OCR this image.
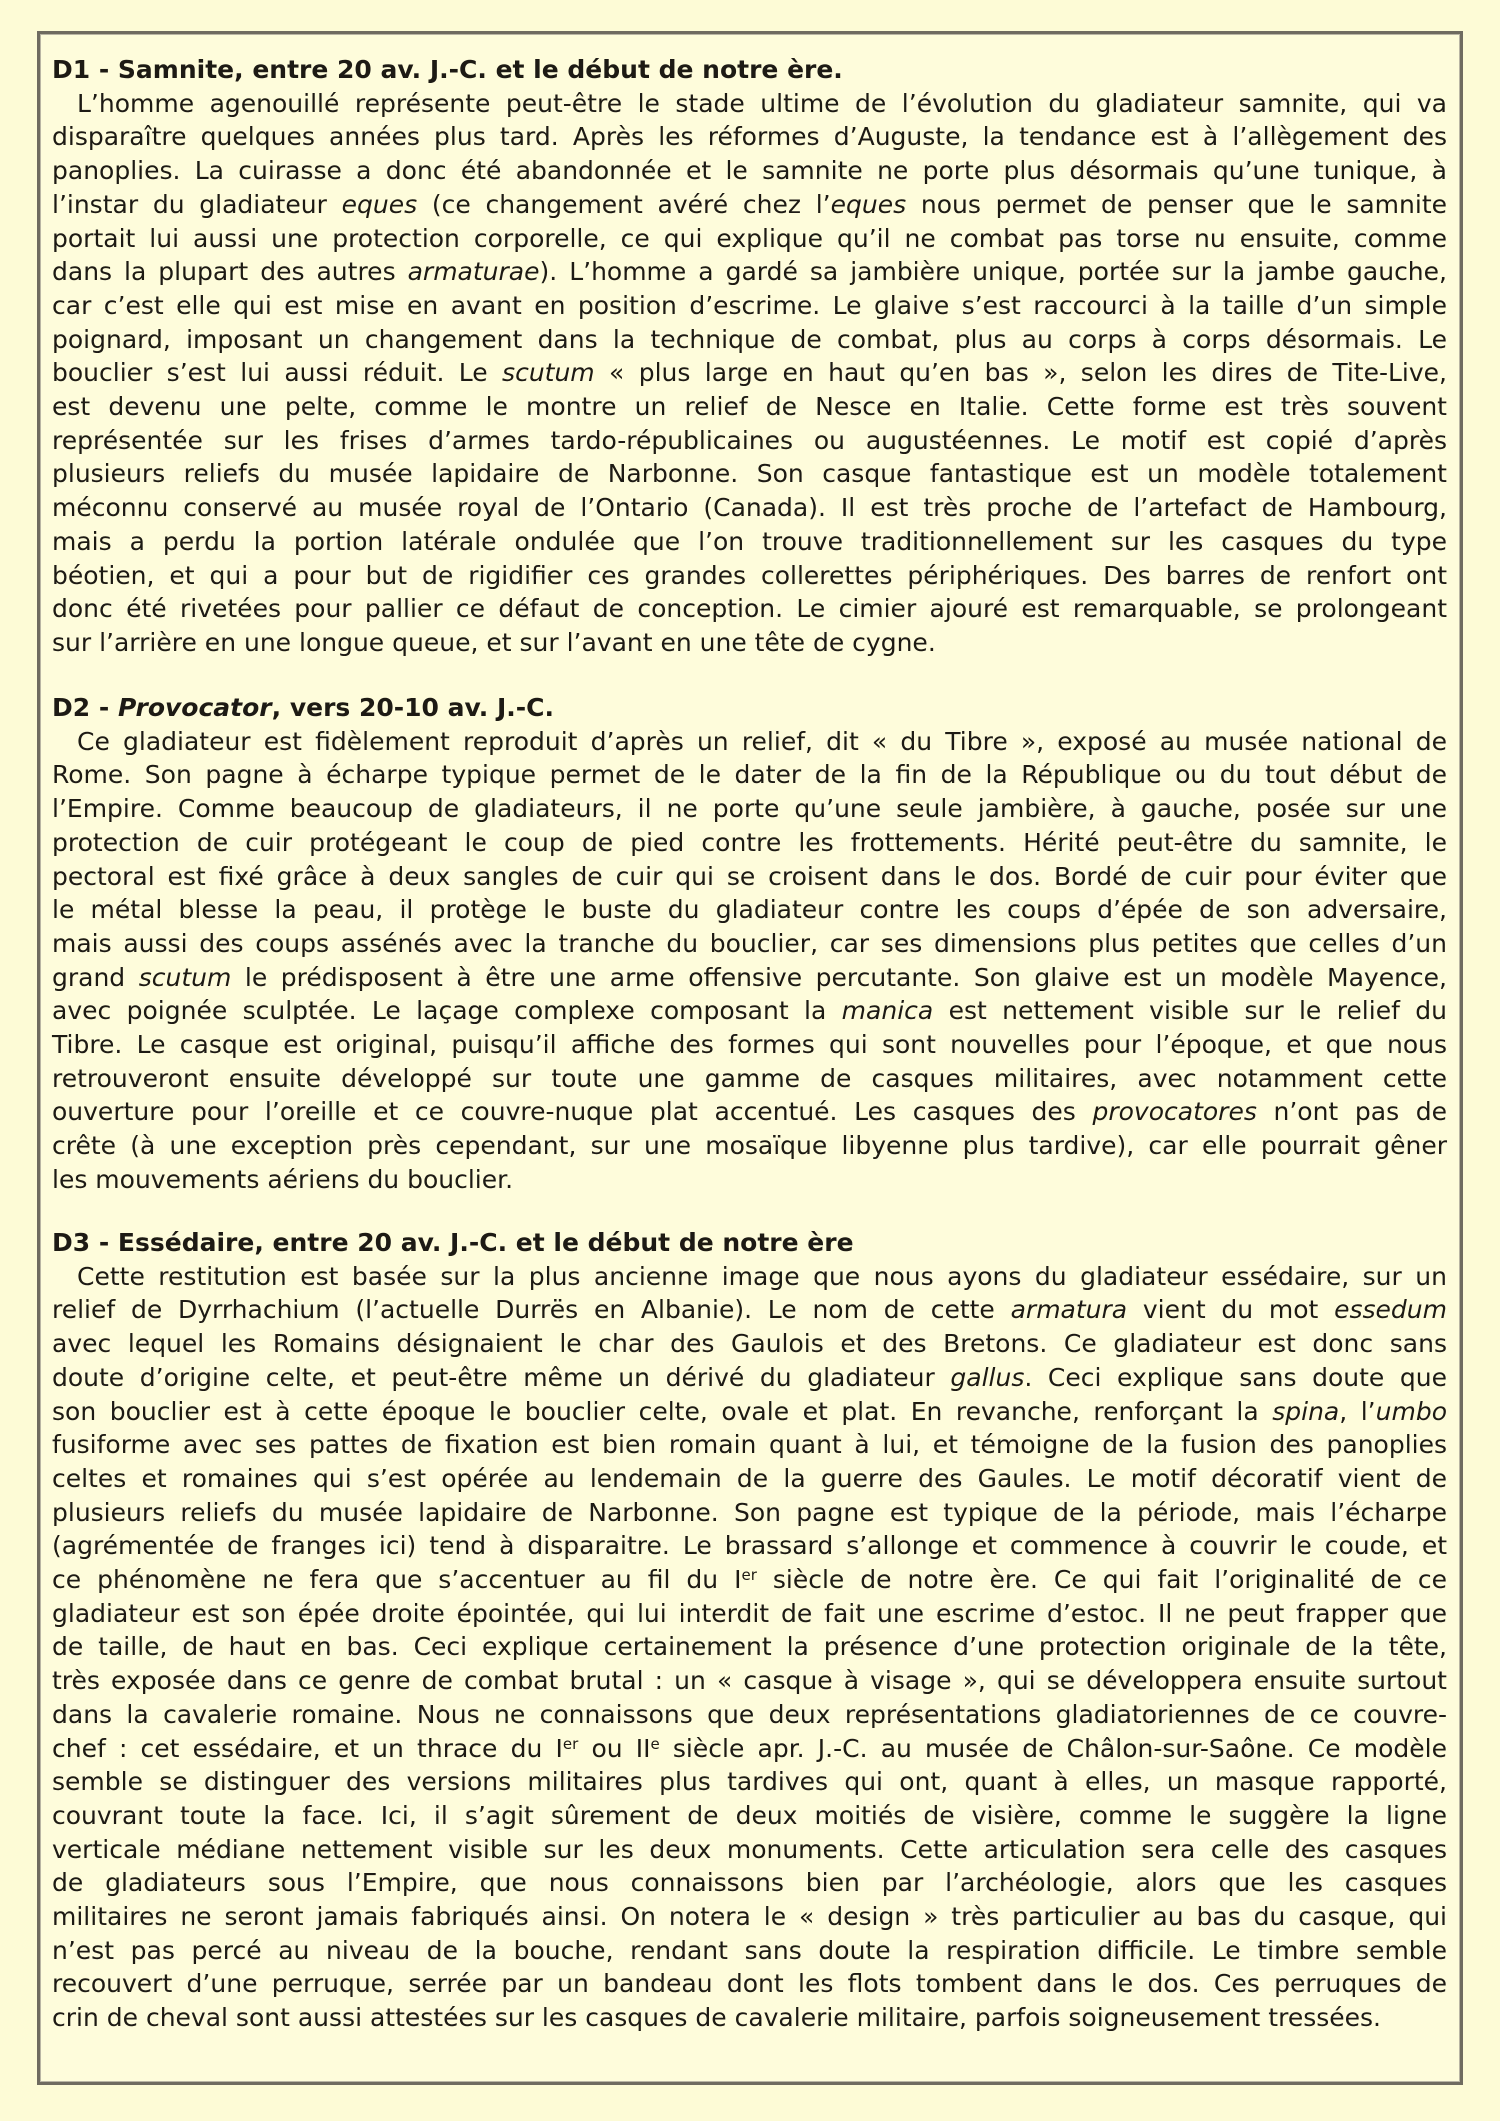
D1 - Samnite, entre 20 av. J.-C. et le début de notre ère.
L’homme agenouillé représente peut-être le stade ultime de l’évolution du gladiateur samnite, qui va
disparaître quelques années plus tard. Après les réformes d’Auguste, la tendance est à l’allègement des
panoplies. La cuirasse a donc été abandonnée et le samnite ne porte plus désormais qu’une tunique, à
l’instar du gladiateur eques (ce changement avéré chez l’eques nous permet de penser que le samnite
portait lui aussi une protection corporelle, ce qui explique qu’il ne combat pas torse nu ensuite, comme
dans la plupart des autres armaturae). L’homme a gardé sa jambière unique, portée sur la jambe gauche,
car c’est elle qui est mise en avant en position d’escrime. Le glaive s’est raccourci à la taille d’un simple
poignard, imposant un changement dans la technique de combat, plus au corps à corps désormais. Le
bouclier s’est lui aussi réduit. Le scutum « plus large en haut qu’en bas », selon les dires de Tite-Live,
est devenu une pelte, comme le montre un relief de Nesce en Italie. Cette forme est très souvent
représentée sur les frises d’armes tardo-républicaines ou augustéennes. Le motif est copié d’après
plusieurs reliefs du musée lapidaire de Narbonne. Son casque fantastique est un modèle totalement
méconnu conservé au musée royal de l’Ontario (Canada). Il est très proche de l’artefact de Hambourg,
mais a perdu la portion latérale ondulée que l’on trouve traditionnellement sur les casques du type
béotien, et qui a pour but de rigidifier ces grandes collerettes périphériques. Des barres de renfort ont
donc été rivetées pour pallier ce défaut de conception. Le cimier ajouré est remarquable, se prolongeant
sur l’arrière en une longue queue, et sur l’avant en une tête de cygne.
D2 - Provocator, vers 20-10 av. J.-C.
Ce gladiateur est fidèlement reproduit d’après un relief, dit « du Tibre », exposé au musée national de
Rome. Son pagne à écharpe typique permet de le dater de la fin de la République ou du tout début de
l’Empire. Comme beaucoup de gladiateurs, il ne porte qu’une seule jambière, à gauche, posée sur une
protection de cuir protégeant le coup de pied contre les frottements. Hérité peut-être du samnite, le
pectoral est fixé grâce à deux sangles de cuir qui se croisent dans le dos. Bordé de cuir pour éviter que
le métal blesse la peau, il protège le buste du gladiateur contre les coups d’épée de son adversaire,
mais aussi des coups assénés avec la tranche du bouclier, car ses dimensions plus petites que celles d’un
grand scutum le prédisposent à être une arme offensive percutante. Son glaive est un modèle Mayence,
avec poignée sculptée. Le laçage complexe composant la manica est nettement visible sur le relief du
Tibre. Le casque est original, puisqu’il affiche des formes qui sont nouvelles pour l’époque, et que nous
retrouveront ensuite développé sur toute une gamme de casques militaires, avec notamment cette
ouverture pour l’oreille et ce couvre-nuque plat accentué. Les casques des provocatores n’ont pas de
crête (à une exception près cependant, sur une mosaïque libyenne plus tardive), car elle pourrait gêner
les mouvements aériens du bouclier.
D3 - Essédaire, entre 20 av. J.-C. et le début de notre ère
Cette restitution est basée sur la plus ancienne image que nous ayons du gladiateur essédaire, sur un
relief de Dyrrhachium (l’actuelle Durrës en Albanie). Le nom de cette armatura vient du mot essedum
avec lequel les Romains désignaient le char des Gaulois et des Bretons. Ce gladiateur est donc sans
doute d’origine celte, et peut-être même un dérivé du gladiateur gallus. Ceci explique sans doute que
son bouclier est à cette époque le bouclier celte, ovale et plat. En revanche, renforçant la spina, l’umbo
fusiforme avec ses pattes de fixation est bien romain quant à lui, et témoigne de la fusion des panoplies
celtes et romaines qui s’est opérée au lendemain de la guerre des Gaules. Le motif décoratif vient de
plusieurs reliefs du musée lapidaire de Narbonne. Son pagne est typique de la période, mais l’écharpe
(agrémentée de franges ici) tend à disparaitre. Le brassard s’allonge et commence à couvrir le coude, et
ce phénomène ne fera que s’accentuer au fil du Ier siècle de notre ère. Ce qui fait l’originalité de ce
gladiateur est son épée droite épointée, qui lui interdit de fait une escrime d’estoc. Il ne peut frapper que
de taille, de haut en bas. Ceci explique certainement la présence d’une protection originale de la tête,
très exposée dans ce genre de combat brutal : un « casque à visage », qui se développera ensuite surtout
dans la cavalerie romaine. Nous ne connaissons que deux représentations gladiatoriennes de ce couvre-
chef : cet essédaire, et un thrace du Ier ou IIe siècle apr. J.-C. au musée de Châlon-sur-Saône. Ce modèle
semble se distinguer des versions militaires plus tardives qui ont, quant à elles, un masque rapporté,
couvrant toute la face. Ici, il s’agit sûrement de deux moitiés de visière, comme le suggère la ligne
verticale médiane nettement visible sur les deux monuments. Cette articulation sera celle des casques
de gladiateurs sous l’Empire, que nous connaissons bien par l’archéologie, alors que les casques
militaires ne seront jamais fabriqués ainsi. On notera le « design » très particulier au bas du casque, qui
n’est pas percé au niveau de la bouche, rendant sans doute la respiration difficile. Le timbre semble
recouvert d’une perruque, serrée par un bandeau dont les flots tombent dans le dos. Ces perruques de
crin de cheval sont aussi attestées sur les casques de cavalerie militaire, parfois soigneusement tressées.
